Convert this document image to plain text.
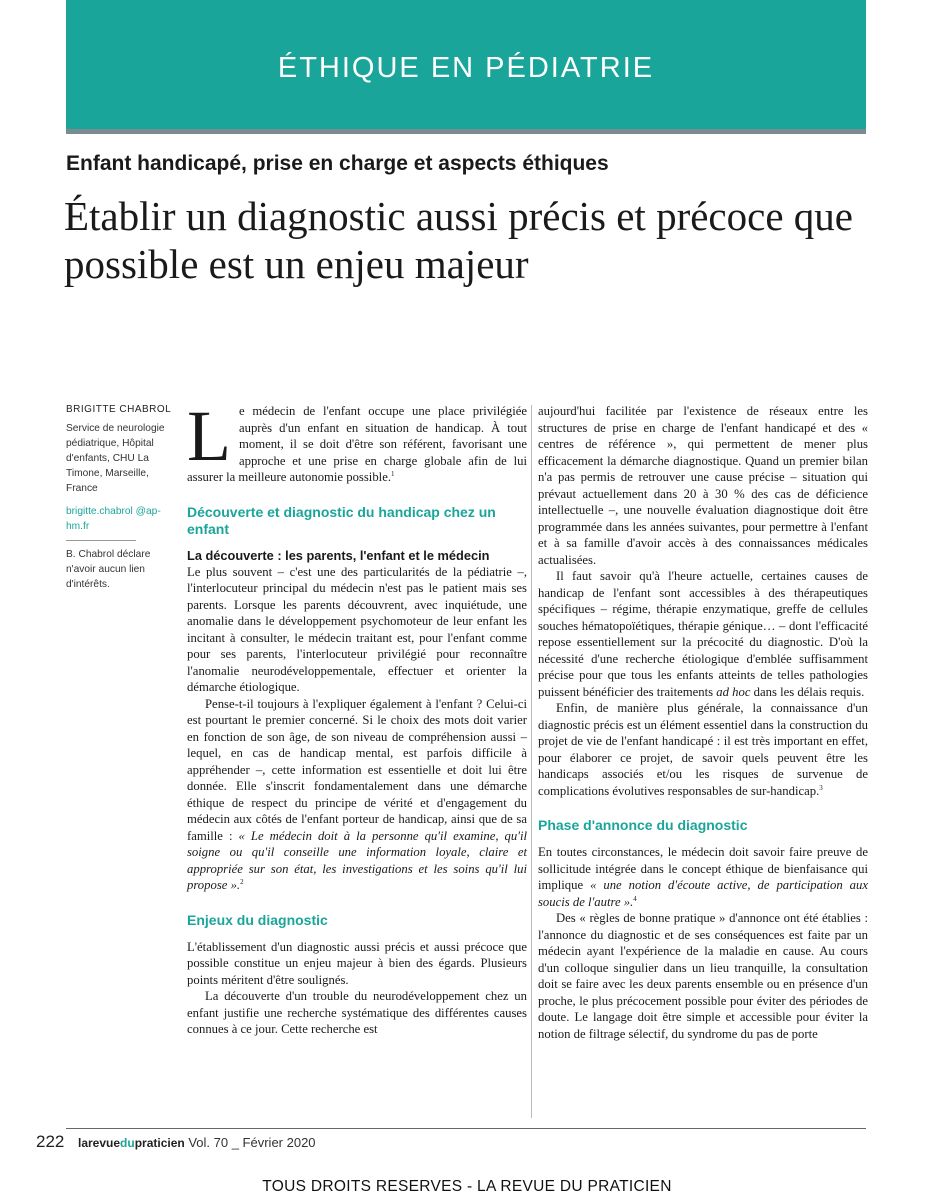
ÉTHIQUE EN PÉDIATRIE
Enfant handicapé, prise en charge et aspects éthiques
Établir un diagnostic aussi précis et précoce que possible est un enjeu majeur
BRIGITTE CHABROL
Service de neurologie pédiatrique, Hôpital d'enfants, CHU La Timone, Marseille, France
brigitte.chabrol @ap-hm.fr
B. Chabrol déclare n'avoir aucun lien d'intérêts.

Le médecin de l'enfant occupe une place privilégiée auprès d'un enfant en situation de handicap. À tout moment, il se doit d'être son référent, favorisant une approche et une prise en charge globale afin de lui assurer la meilleure autonomie possible.$^1$

Découverte et diagnostic du handicap chez un enfant
La découverte : les parents, l'enfant et le médecin

Le plus souvent – c'est une des particularités de la pédiatrie –, l'interlocuteur principal du médecin n'est pas le patient mais ses parents. Lorsque les parents découvrent, avec inquiétude, une anomalie dans le développement psychomoteur de leur enfant les incitant à consulter, le médecin traitant est, pour l'enfant comme pour ses parents, l'interlocuteur privilégié pour reconnaître l'anomalie neurodéveloppementale, effectuer et orienter la démarche étiologique.

Pense-t-il toujours à l'expliquer également à l'enfant ? Celui-ci est pourtant le premier concerné. Si le choix des mots doit varier en fonction de son âge, de son niveau de compréhension aussi – lequel, en cas de handicap mental, est parfois difficile à appréhender –, cette information est essentielle et doit lui être donnée. Elle s'inscrit fondamentalement dans une démarche éthique de respect du principe de vérité et d'engagement du médecin aux côtés de l'enfant porteur de handicap, ainsi que de sa famille : « Le médecin doit à la personne qu'il examine, qu'il soigne ou qu'il conseille une information loyale, claire et appropriée sur son état, les investigations et les soins qu'il lui propose ».$^2$

Enjeux du diagnostic

L'établissement d'un diagnostic aussi précis et aussi précoce que possible constitue un enjeu majeur à bien des égards. Plusieurs points méritent d'être soulignés.

La découverte d'un trouble du neurodéveloppement chez un enfant justifie une recherche systématique des différentes causes connues à ce jour. Cette recherche est

aujourd'hui facilitée par l'existence de réseaux entre les structures de prise en charge de l'enfant handicapé et des « centres de référence », qui permettent de mener plus efficacement la démarche diagnostique. Quand un premier bilan n'a pas permis de retrouver une cause précise – situation qui prévaut actuellement dans 20 à 30 % des cas de déficience intellectuelle –, une nouvelle évaluation diagnostique doit être programmée dans les années suivantes, pour permettre à l'enfant et à sa famille d'avoir accès à des connaissances médicales actualisées.

Il faut savoir qu'à l'heure actuelle, certaines causes de handicap de l'enfant sont accessibles à des thérapeutiques spécifiques – régime, thérapie enzymatique, greffe de cellules souches hématopoïétiques, thérapie génique… – dont l'efficacité repose essentiellement sur la précocité du diagnostic. D'où la nécessité d'une recherche étiologique d'emblée suffisamment précise pour que tous les enfants atteints de telles pathologies puissent bénéficier des traitements ad hoc dans les délais requis.

Enfin, de manière plus générale, la connaissance d'un diagnostic précis est un élément essentiel dans la construction du projet de vie de l'enfant handicapé : il est très important en effet, pour élaborer ce projet, de savoir quels peuvent être les handicaps associés et/ou les risques de survenue de complications évolutives responsables de sur-handicap.$^3$

Phase d'annonce du diagnostic

En toutes circonstances, le médecin doit savoir faire preuve de sollicitude intégrée dans le concept éthique de bienfaisance qui implique « une notion d'écoute active, de participation aux soucis de l'autre ».$^4$

Des « règles de bonne pratique » d'annonce ont été établies : l'annonce du diagnostic et de ses conséquences est faite par un médecin ayant l'expérience de la maladie en cause. Au cours d'un colloque singulier dans un lieu tranquille, la consultation doit se faire avec les deux parents ensemble ou en présence d'un proche, le plus précocement possible pour éviter des périodes de doute. Le langage doit être simple et accessible pour éviter la notion de filtrage sélectif, du syndrome du pas de porte

222 larevuedupraticien Vol. 70 _ Février 2020
TOUS DROITS RESERVES - LA REVUE DU PRATICIEN
